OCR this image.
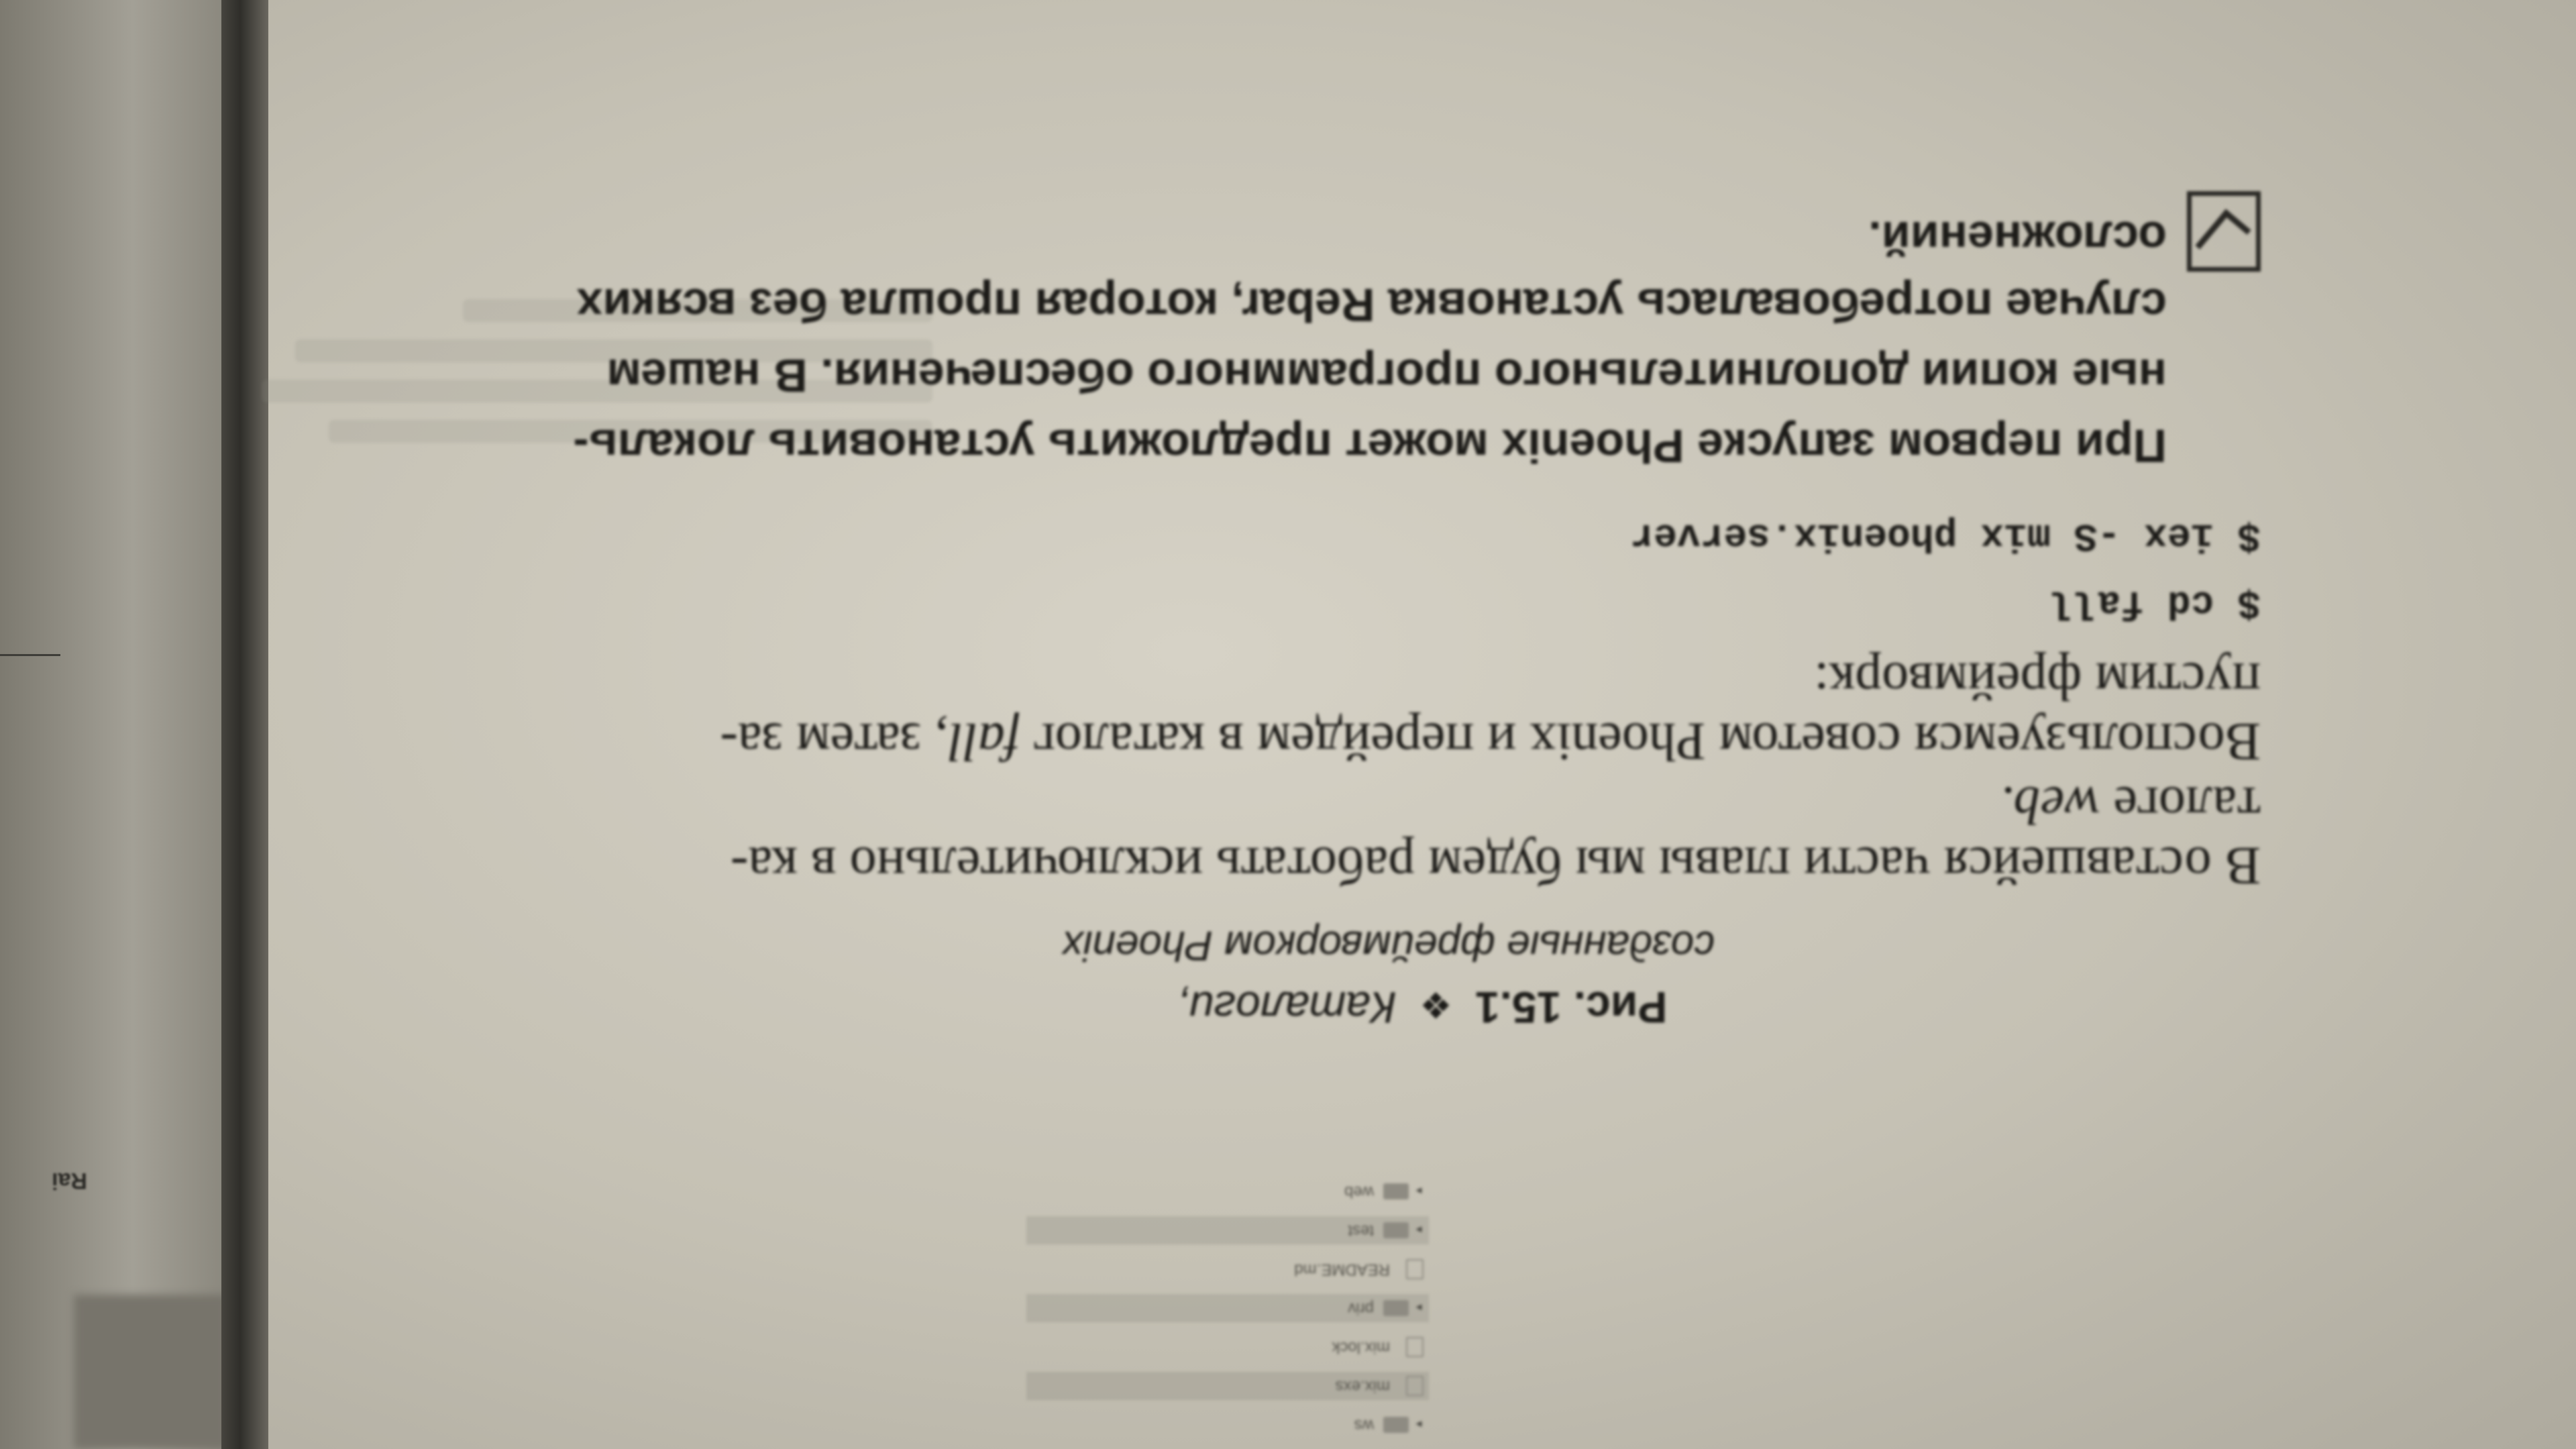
Rai
▸
ws
mix.exs
mix.lock
▸
priv
README.md
▸
test
▸
web
Рис. 15.1 ❖ Каталоги,
созданные фреймворком Phoenix
В оставшейся части главы мы будем работать исключительно в ка-
талоге web.
Воспользуемся советом Phoenix и перейдем в каталог fall, затем за-
пустим фреймворк:
$ cd fall
$ iex -S mix phoenix.server
При первом запуске Phoenix может предложить установить локаль-
ные копии дополнительного программного обеспечения. В нашем
случае потребовалась установка Rebar, которая прошла без всяких
осложнений.
